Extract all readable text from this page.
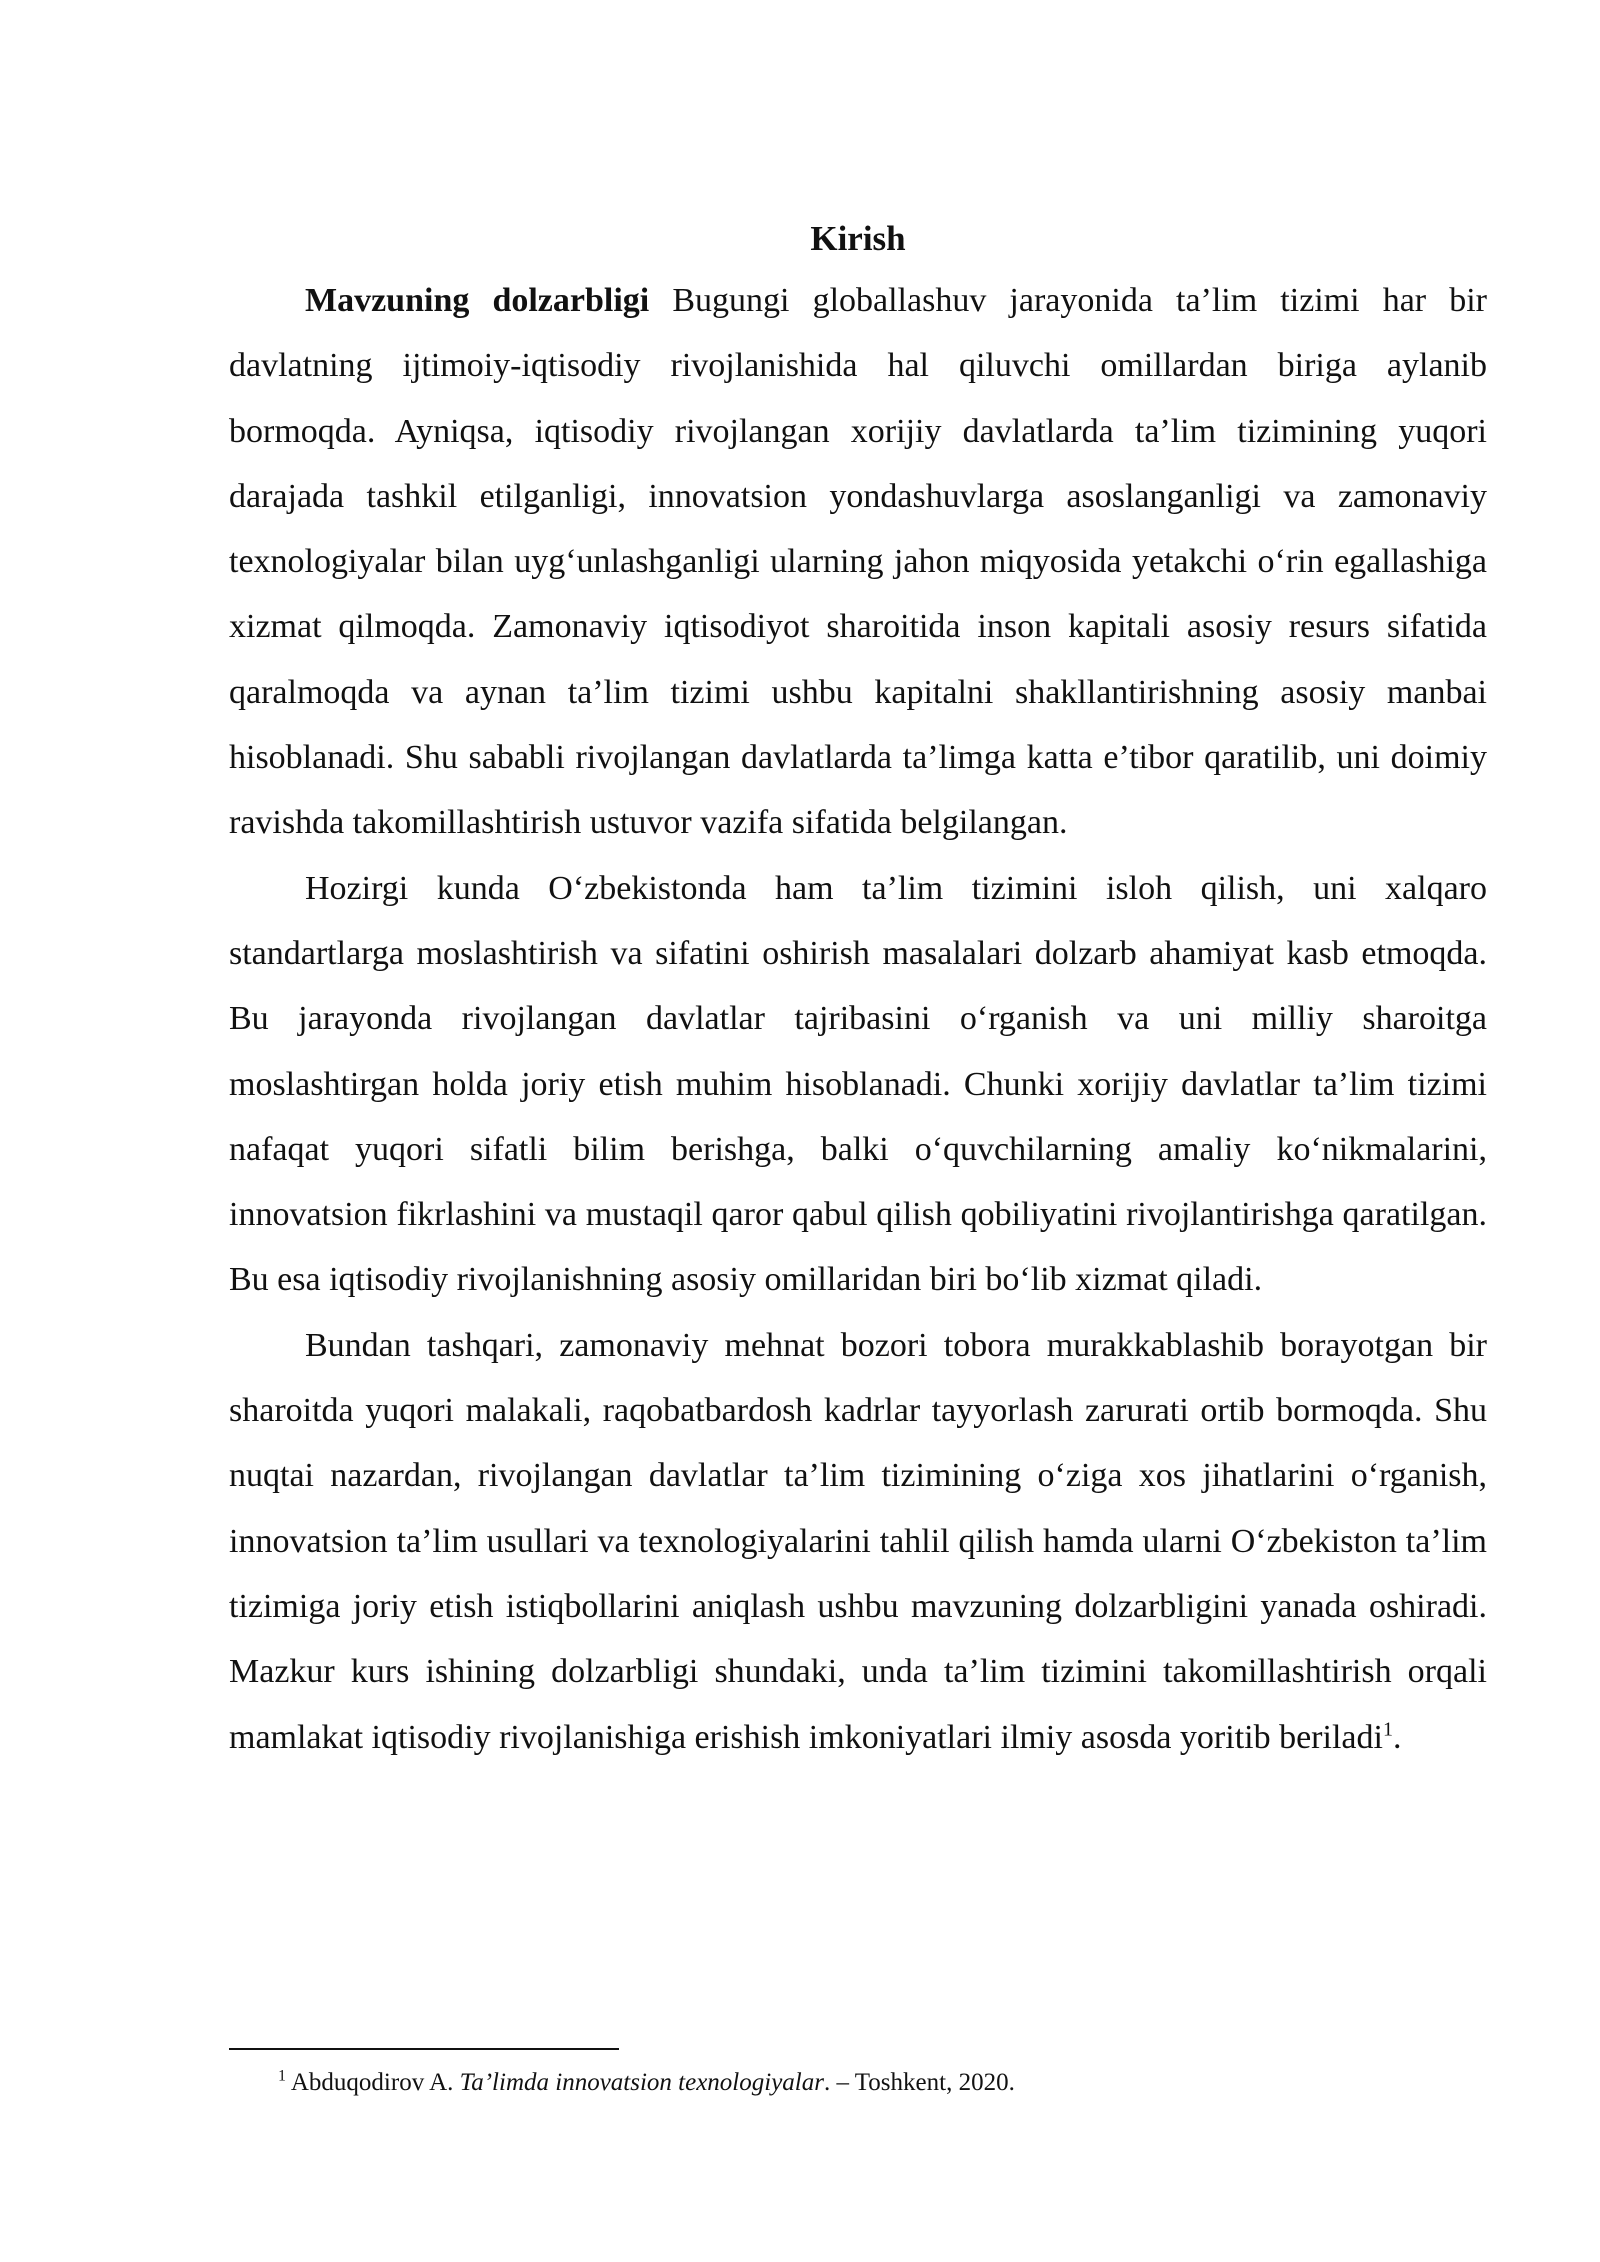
Kirish

Mavzuning dolzarbligi Bugungi globallashuv jarayonida ta’lim tizimi har bir davlatning ijtimoiy-iqtisodiy rivojlanishida hal qiluvchi omillardan biriga aylanib bormoqda. Ayniqsa, iqtisodiy rivojlangan xorijiy davlatlarda ta’lim tizimining yuqori darajada tashkil etilganligi, innovatsion yondashuvlarga asoslanganligi va zamonaviy texnologiyalar bilan uyg‘unlashganligi ularning jahon miqyosida yetakchi o‘rin egallashiga xizmat qilmoqda. Zamonaviy iqtisodiyot sharoitida inson kapitali asosiy resurs sifatida qaralmoqda va aynan ta’lim tizimi ushbu kapitalni shakllantirishning asosiy manbai hisoblanadi. Shu sababli rivojlangan davlatlarda ta’limga katta e’tibor qaratilib, uni doimiy ravishda takomillashtirish ustuvor vazifa sifatida belgilangan.

Hozirgi kunda O‘zbekistonda ham ta’lim tizimini isloh qilish, uni xalqaro standartlarga moslashtirish va sifatini oshirish masalalari dolzarb ahamiyat kasb etmoqda. Bu jarayonda rivojlangan davlatlar tajribasini o‘rganish va uni milliy sharoitga moslashtirgan holda joriy etish muhim hisoblanadi. Chunki xorijiy davlatlar ta’lim tizimi nafaqat yuqori sifatli bilim berishga, balki o‘quvchilarning amaliy ko‘nikmalarini, innovatsion fikrlashini va mustaqil qaror qabul qilish qobiliyatini rivojlantirishga qaratilgan. Bu esa iqtisodiy rivojlanishning asosiy omillaridan biri bo‘lib xizmat qiladi.

Bundan tashqari, zamonaviy mehnat bozori tobora murakkablashib borayotgan bir sharoitda yuqori malakali, raqobatbardosh kadrlar tayyorlash zarurati ortib bormoqda. Shu nuqtai nazardan, rivojlangan davlatlar ta’lim tizimining o‘ziga xos jihatlarini o‘rganish, innovatsion ta’lim usullari va texnologiyalarini tahlil qilish hamda ularni O‘zbekiston ta’lim tizimiga joriy etish istiqbollarini aniqlash ushbu mavzuning dolzarbligini yanada oshiradi. Mazkur kurs ishining dolzarbligi shundaki, unda ta’lim tizimini takomillashtirish orqali mamlakat iqtisodiy rivojlanishiga erishish imkoniyatlari ilmiy asosda yoritib beriladi$^1$.

$^1$ Abduqodirov A. Ta’limda innovatsion texnologiyalar. – Toshkent, 2020.
